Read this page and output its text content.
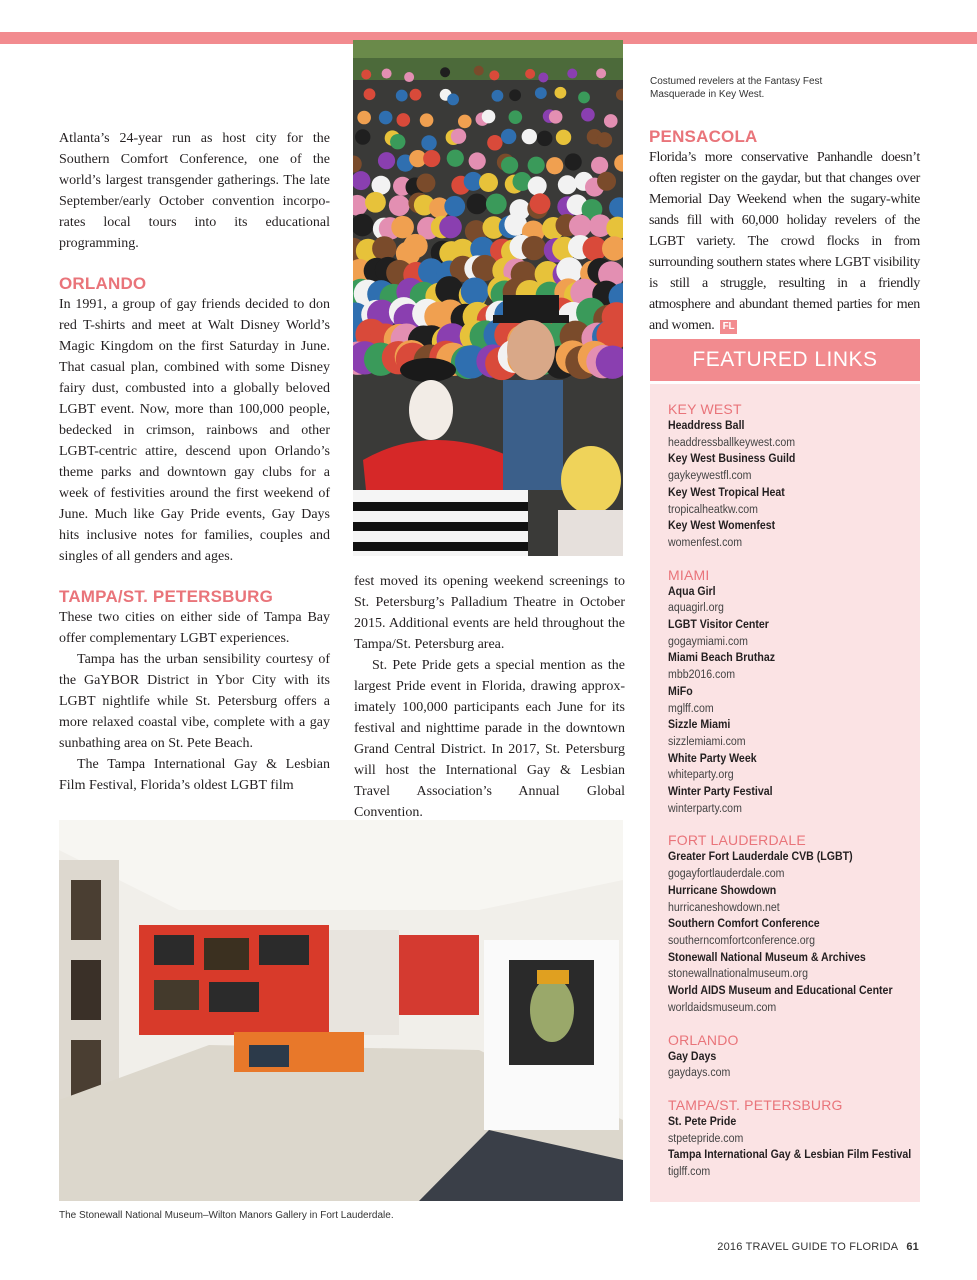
Costumed revelers at the Fantasy Fest Masquerade in Key West.

Atlanta’s 24-year run as host city for the Southern Comfort Conference, one of the world’s largest transgender gatherings. The late September/early October convention incorpo-rates local tours into its educational programming.

ORLANDO

In 1991, a group of gay friends decided to don red T-shirts and meet at Walt Disney World’s Magic Kingdom on the first Saturday in June. That casual plan, combined with some Disney fairy dust, combusted into a globally beloved LGBT event. Now, more than 100,000 people, bedecked in crimson, rainbows and other LGBT-centric attire, descend upon Orlando’s theme parks and downtown gay clubs for a week of festivities around the first weekend of June. Much like Gay Pride events, Gay Days hits inclusive notes for families, couples and singles of all genders and ages.

TAMPA/ST. PETERSBURG

These two cities on either side of Tampa Bay offer complementary LGBT experiences.

Tampa has the urban sensibility courtesy of the GaYBOR District in Ybor City with its LGBT nightlife while St. Petersburg offers a more relaxed coastal vibe, complete with a gay sunbathing area on St. Pete Beach.

The Tampa International Gay & Lesbian Film Festival, Florida’s oldest LGBT film

fest moved its opening weekend screenings to St. Petersburg’s Palladium Theatre in October 2015. Additional events are held throughout the Tampa/St. Petersburg area.

St. Pete Pride gets a special mention as the largest Pride event in Florida, drawing approx-imately 100,000 participants each June for its festival and nighttime parade in the downtown Grand Central District. In 2017, St. Petersburg will host the International Gay & Lesbian Travel Association’s Annual Global Convention.

PENSACOLA

Florida’s more conservative Panhandle doesn’t often register on the gaydar, but that changes over Memorial Day Weekend when the sugary-white sands fill with 60,000 holiday revelers of the LGBT variety. The crowd flocks in from surrounding southern states where LGBT visibility is still a struggle, resulting in a friendly atmosphere and abundant themed parties for men and women. FL

FEATURED LINKS
KEY WEST
Headdress Ball
headdressballkeywest.com
Key West Business Guild
gaykeywestfl.com
Key West Tropical Heat
tropicalheatkw.com
Key West Womenfest
womenfest.com
MIAMI
Aqua Girl
aquagirl.org
LGBT Visitor Center
gogaymiami.com
Miami Beach Bruthaz
mbb2016.com
MiFo
mglff.com
Sizzle Miami
sizzlemiami.com
White Party Week
whiteparty.org
Winter Party Festival
winterparty.com
FORT LAUDERDALE
Greater Fort Lauderdale CVB (LGBT)
gogayfortlauderdale.com
Hurricane Showdown
hurricaneshowdown.net
Southern Comfort Conference
southerncomfortconference.org
Stonewall National Museum & Archives
stonewallnationalmuseum.org
World AIDS Museum and Educational Center
worldaidsmuseum.com
ORLANDO
Gay Days
gaydays.com
TAMPA/ST. PETERSBURG
St. Pete Pride
stpetepride.com
Tampa International Gay & Lesbian Film Festival
tiglff.com
The Stonewall National Museum–Wilton Manors Gallery in Fort Lauderdale.
2016 TRAVEL GUIDE TO FLORIDA 61
